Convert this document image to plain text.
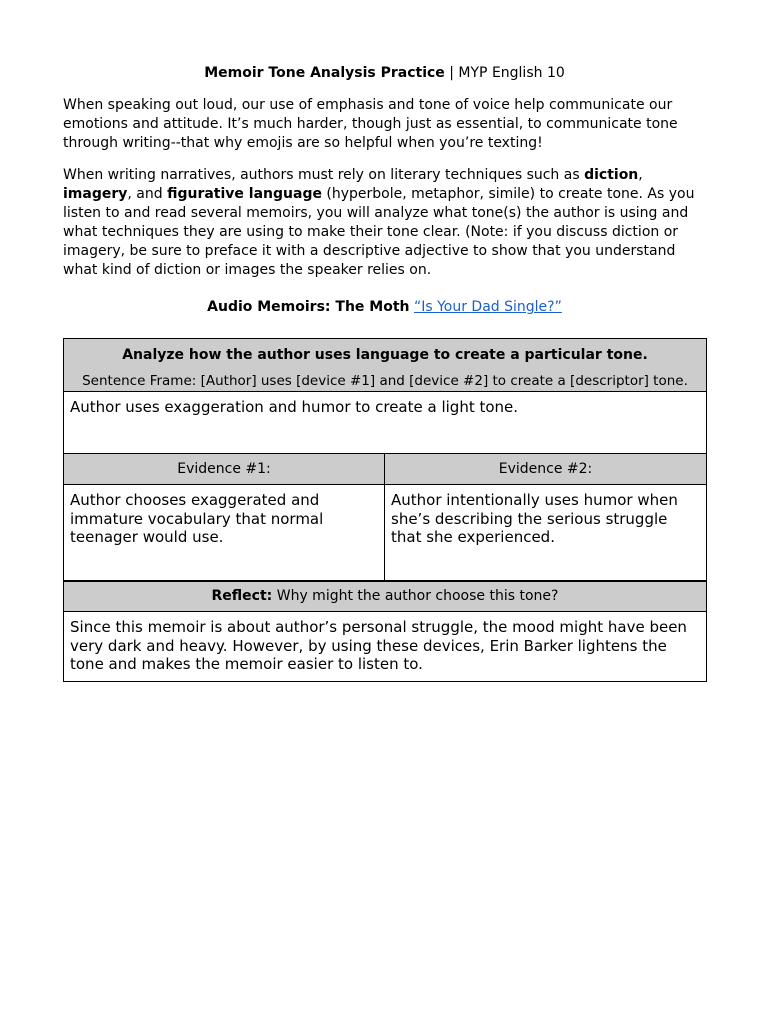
Memoir Tone Analysis Practice | MYP English 10

When speaking out loud, our use of emphasis and tone of voice help communicate our emotions and attitude. It’s much harder, though just as essential, to communicate tone through writing--that why emojis are so helpful when you’re texting!

When writing narratives, authors must rely on literary techniques such as diction, imagery, and figurative language (hyperbole, metaphor, simile) to create tone. As you listen to and read several memoirs, you will analyze what tone(s) the author is using and what techniques they are using to make their tone clear. (Note: if you discuss diction or imagery, be sure to preface it with a descriptive adjective to show that you understand what kind of diction or images the speaker relies on.

Audio Memoirs: The Moth “Is Your Dad Single?”
Analyze how the author uses language to create a particular tone.
Sentence Frame: [Author] uses [device #1] and [device #2] to create a [descriptor] tone.	

Author uses exaggeration and humor to create a light tone.	
Evidence #1:	Evidence #2:
Author chooses exaggerated and immature vocabulary that normal teenager would use.	Author intentionally uses humor when she’s describing the serious struggle that she experienced.
Reflect: Why might the author choose this tone?	
Since this memoir is about author’s personal struggle, the mood might have been very dark and heavy. However, by using these devices, Erin Barker lightens the tone and makes the memoir easier to listen to.	
